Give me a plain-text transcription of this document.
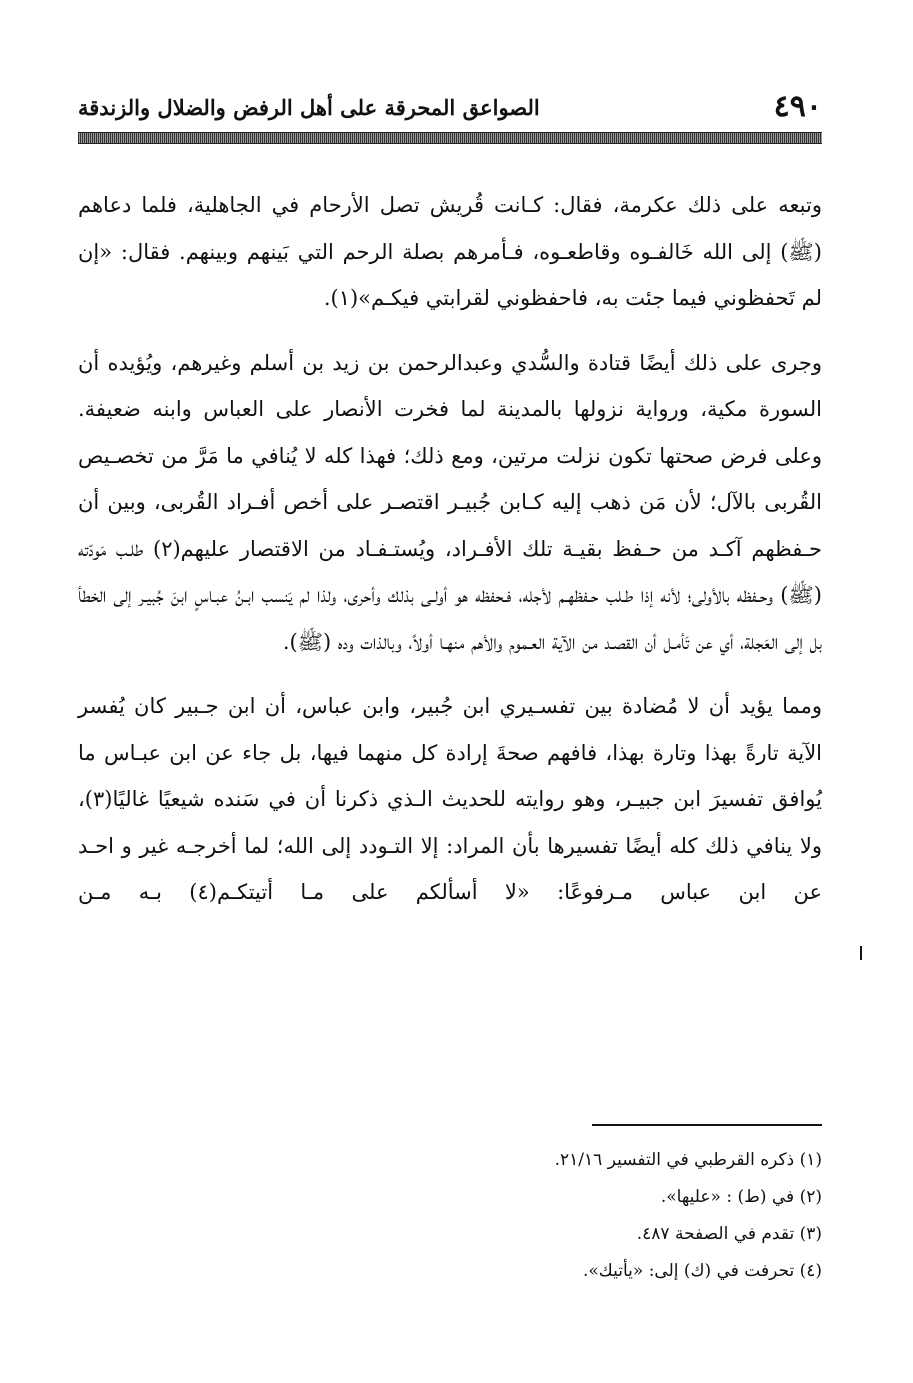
٤٩٠
الصواعق المحرقة على أهل الرفض والضلال والزندقة

وتبعه على ذلك عكرمة، فقال: كـانت قُريش تصل الأرحام في الجاهلية، فلما دعاهم (ﷺ) إلى الله خَالفـوه وقاطعـوه، فـأمرهم بصلة الرحم التي بَينهم وبينهم. فقال: «إن لم تَحفظوني فيما جئت به، فاحفظوني لقرابتي فيكـم»(١).

وجرى على ذلك أيضًا قتادة والسُّدي وعبدالرحمن بن زيد بن أسلم وغيرهم، ويُؤيده أن السورة مكية، ورواية نزولها بالمدينة لما فخرت الأنصار على العباس وابنه ضعيفة. وعلى فرض صحتها تكون نزلت مرتين، ومع ذلك؛ فهذا كله لا يُنافي ما مَرَّ من تخصـيص القُربى بالآل؛ لأن مَن ذهب إليه كـابن جُبيـر اقتصـر على أخص أفـراد القُربى، وبين أن حـفظهم آكـد من حـفظ بقيـة تلك الأفـراد، ويُستـفـاد من الاقتصار عليهم(٢) طلـب مَودّته (ﷺ) وحـفظه بالأولى؛ لأنه إذا طـلب حـفظهـم لأجله، فـحفظه هو أولـى بذلك وأحرى، ولذا لم يَنسب ابـنُ عبـاسٍ ابنَ جُبيـر إلى الخطأ بل إلى العَجلة، أي عن تَأمـل أن القصـد من الآية العـموم والأهم منهـا أولاً، وبالذات وده (ﷺ).

ومما يؤيد أن لا مُضادة بين تفسـيري ابن جُبير، وابن عباس، أن ابن جـبير كان يُفسر الآية تارةً بهذا وتارة بهذا، فافهم صحةَ إرادة كل منهما فيها، بل جاء عن ابن عبـاس ما يُوافق تفسيرَ ابن جبيـر، وهو روايته للحديث الـذي ذكرنا أن في سَنده شيعيًا غاليًا(٣)، ولا ينافي ذلك كله أيضًا تفسيرها بأن المراد: إلا التـودد إلى الله؛ لما أخرجـه غير و احـد عن ابن عباس مـرفوعًا: «لا أسألكم على مـا أتيتكـم(٤) بـه مـن

(١) ذكره القرطبي في التفسير ٢١/١٦.

(٢) في (ط) : «عليها».

(٣) تقدم في الصفحة ٤٨٧.

(٤) تحرفت في (ك) إلى: «يأتيك».
